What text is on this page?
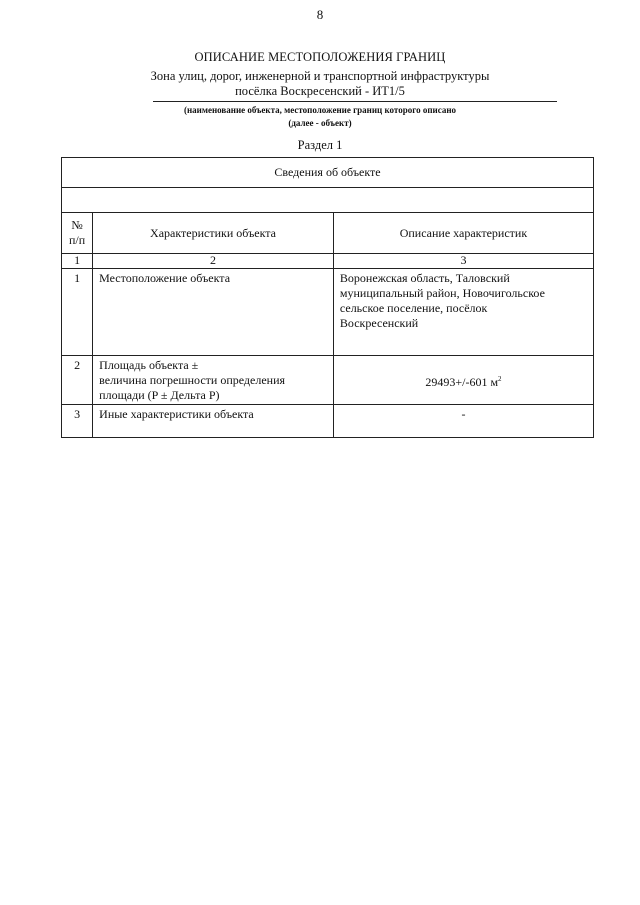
8
ОПИСАНИЕ МЕСТОПОЛОЖЕНИЯ ГРАНИЦ
Зона улиц, дорог, инженерной и транспортной инфраструктуры
посёлка Воскресенский - ИТ1/5
(наименование объекта, местоположение границ которого описано
(далее - объект)
Раздел 1
Сведения об объекте		

№
п/п	Характеристики объекта	Описание характеристик
1	2	3
1	Местоположение объекта	Воронежская область, Таловский
муниципальный район, Новочигольское
сельское поселение, посёлок
Воскресенский

2	Площадь объекта ±
величина погрешности определения
площади (P ± Дельта P)	29493+/-601 $м^2$
3	Иные характеристики объекта	-
